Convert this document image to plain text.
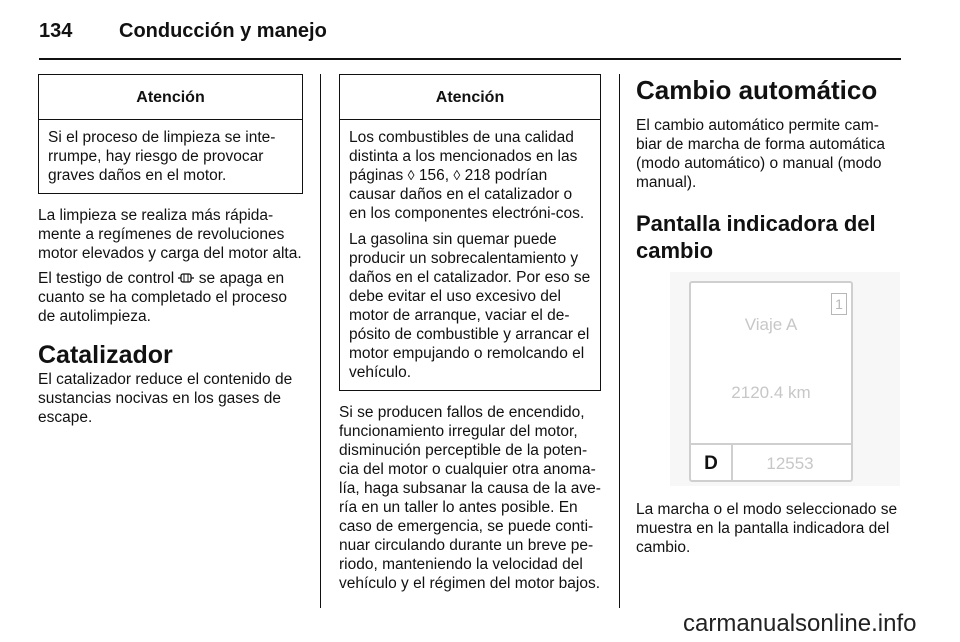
134 Conducción y manejo
Atención

Si el proceso de limpieza se inte-rrumpe, hay riesgo de provocar graves daños en el motor.

La limpieza se realiza más rápida-mente a regímenes de revoluciones motor elevados y carga del motor alta.

El testigo de control se apaga en cuanto se ha completado el proceso de autolimpieza.

Catalizador

El catalizador reduce el contenido de sustancias nocivas en los gases de escape.

Atención

Los combustibles de una calidad distinta a los mencionados en las páginas ◊ 156, ◊ 218 podrían causar daños en el catalizador o en los componentes electróni-cos.

La gasolina sin quemar puede producir un sobrecalentamiento y daños en el catalizador. Por eso se debe evitar el uso excesivo del motor de arranque, vaciar el de-pósito de combustible y arrancar el motor empujando o remolcando el vehículo.

Si se producen fallos de encendido, funcionamiento irregular del motor, disminución perceptible de la poten-cia del motor o cualquier otra anoma-lía, haga subsanar la causa de la ave-ría en un taller lo antes posible. En caso de emergencia, se puede conti-nuar circulando durante un breve pe-riodo, manteniendo la velocidad del vehículo y el régimen del motor bajos.

Cambio automático

El cambio automático permite cam-biar de marcha de forma automática (modo automático) o manual (modo manual).

Pantalla indicadora del cambio
1
Viaje A
2120.4 km
D	12553

La marcha o el modo seleccionado se muestra en la pantalla indicadora del cambio.

carmanualsonline.info
